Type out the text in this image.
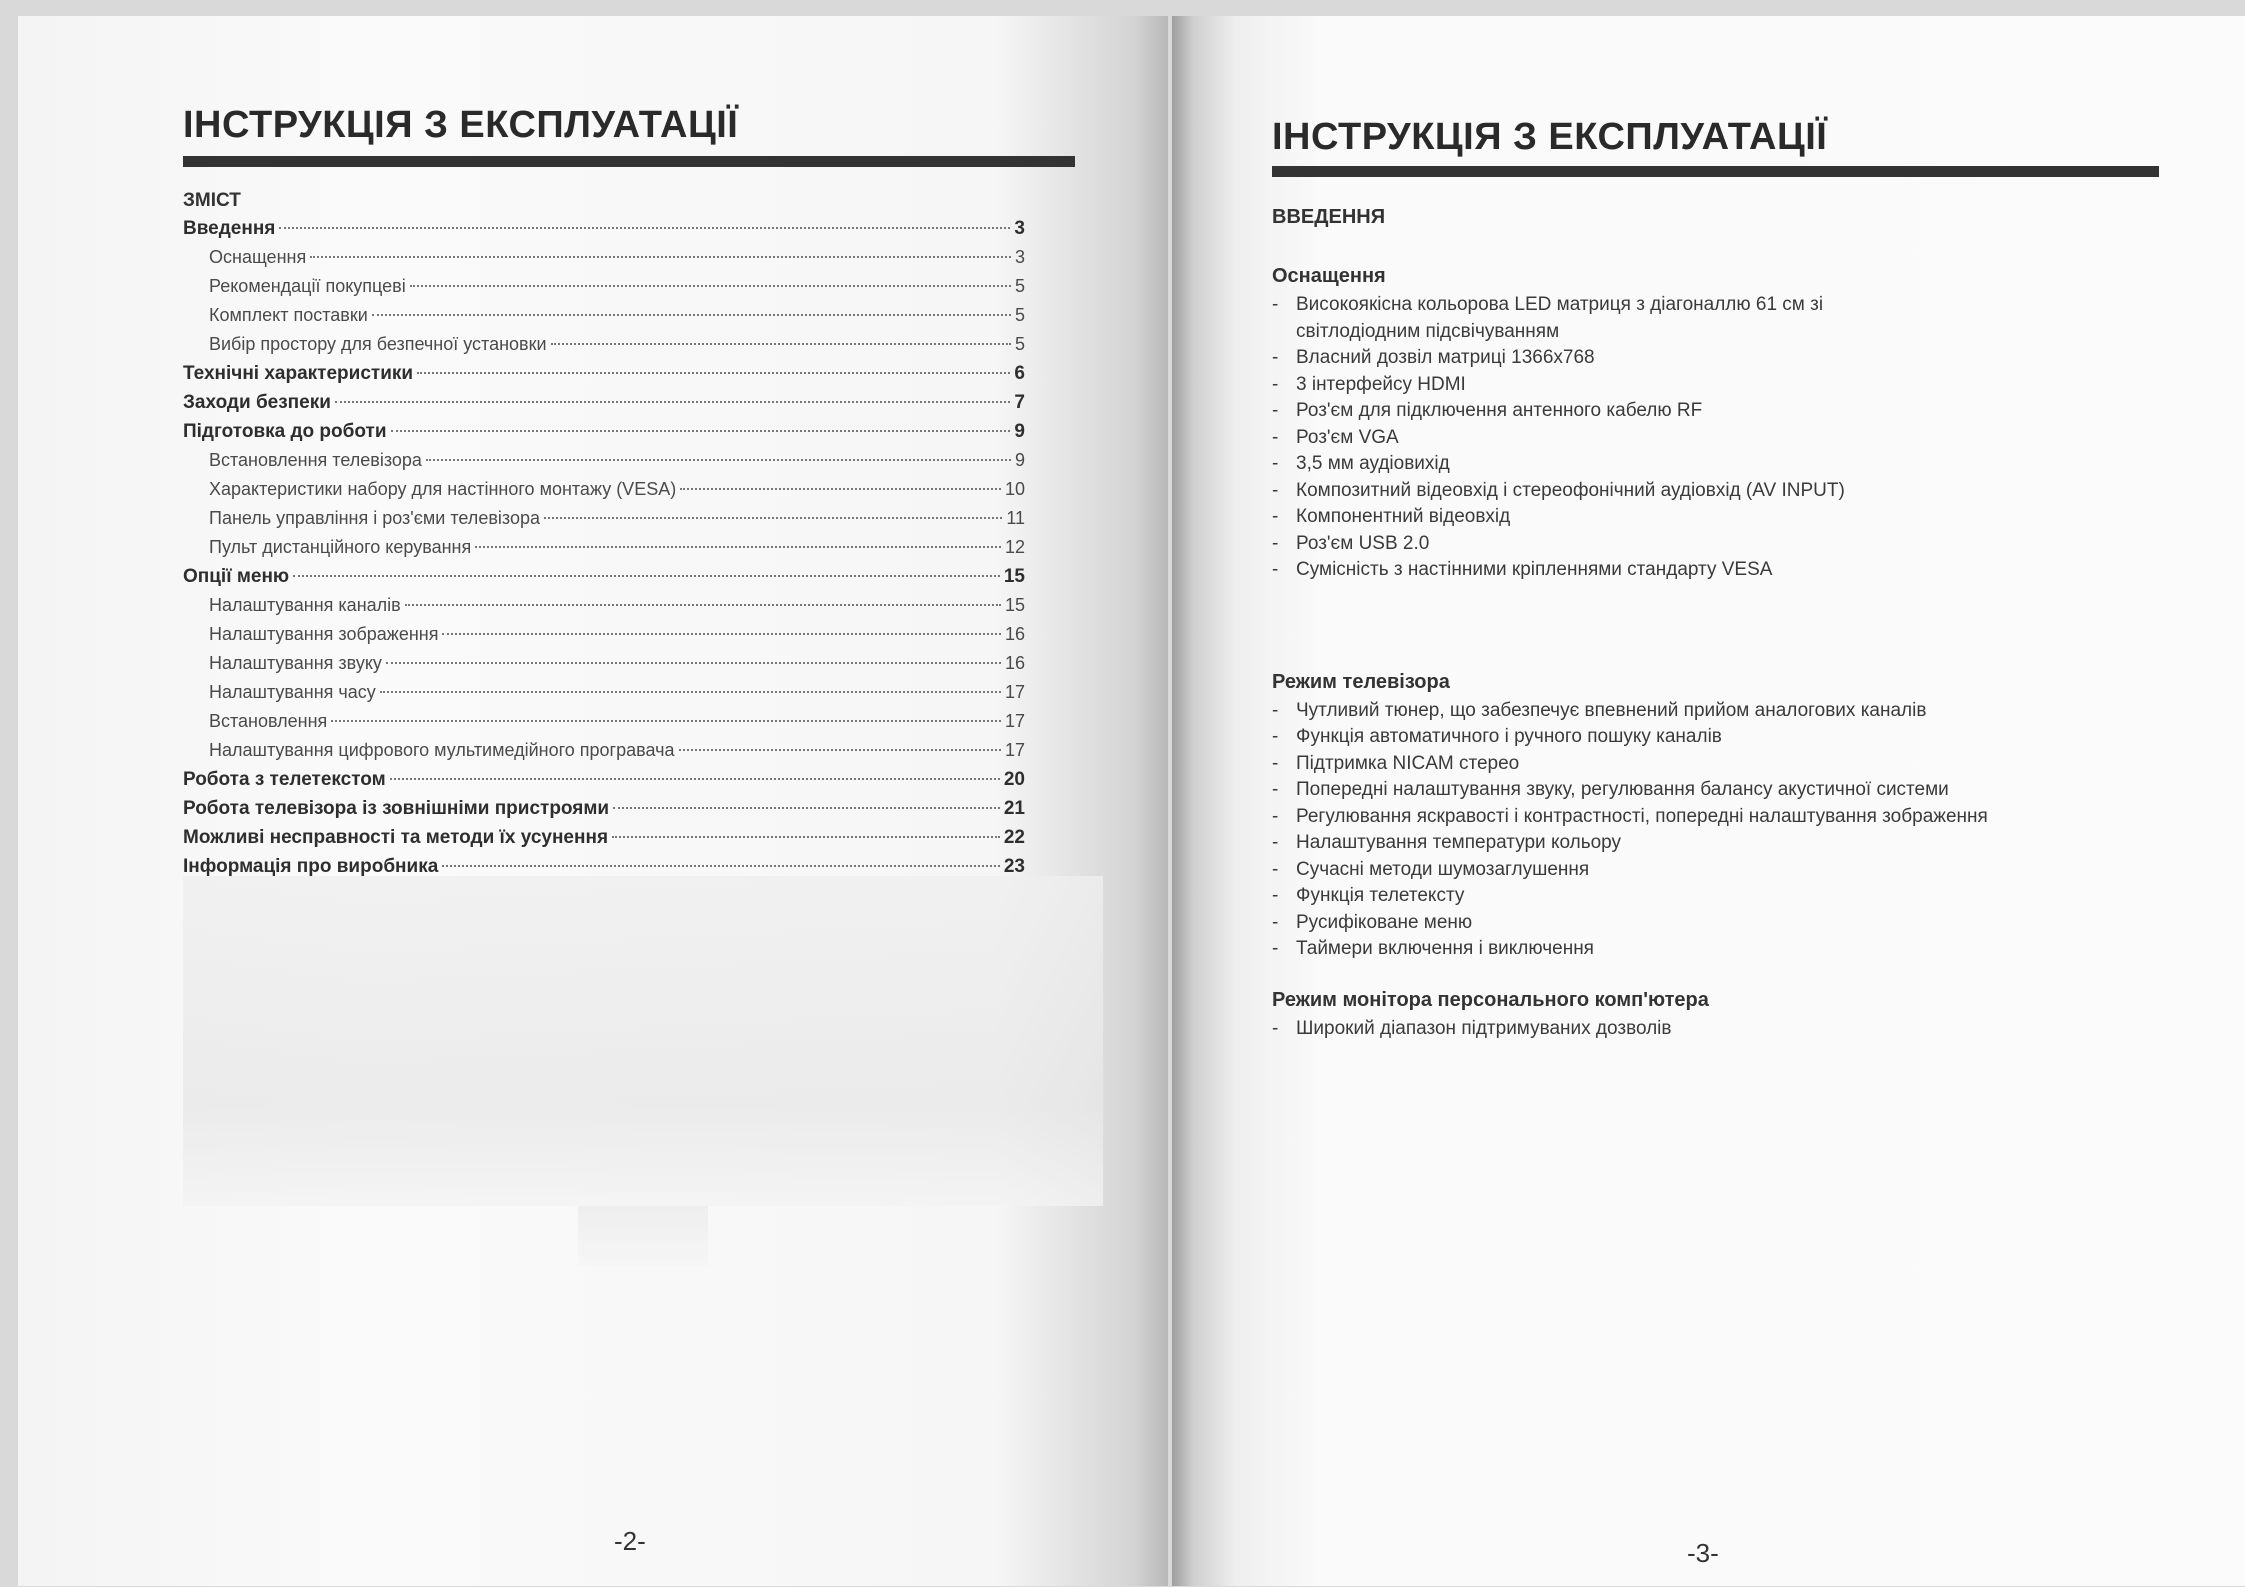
ІНСТРУКЦІЯ З ЕКСПЛУАТАЦІЇ
ЗМІСТ
Введення	3
Оснащення	3
Рекомендації покупцеві	5
Комплект поставки	5
Вибір простору для безпечної установки	5
Технічні характеристики	6
Заходи безпеки	7
Підготовка до роботи	9
Встановлення телевізора	9
Характеристики набору для настінного монтажу (VESA)	10
Панель управління і роз'єми телевізора	11
Пульт дистанційного керування	12
Опції меню	15
Налаштування каналів	15
Налаштування зображення	16
Налаштування звуку	16
Налаштування часу	17
Встановлення	17
Налаштування цифрового мультимедійного програвача	17
Робота з телетекстом	20
Робота телевізора із зовнішніми пристроями	21
Можливі несправності та методи їх усунення	22
Інформація про виробника	23
-2-
ІНСТРУКЦІЯ З ЕКСПЛУАТАЦІЇ
ВВЕДЕННЯ
Оснащення
- Високоякісна кольорова LED матриця з діагоналлю 61 см зі світлодіодним підсвічуванням
- Власний дозвіл матриці 1366x768
- 3 інтерфейсу HDMI
- Роз'єм для підключення антенного кабелю RF
- Роз'єм VGA
- 3,5 мм аудіовихід
- Композитний відеовхід і стереофонічний аудіовхід (AV INPUT)
- Компонентний відеовхід
- Роз'єм USB 2.0
- Сумісність з настінними кріпленнями стандарту VESA
Режим телевізора
- Чутливий тюнер, що забезпечує впевнений прийом аналогових каналів
- Функція автоматичного і ручного пошуку каналів
- Підтримка NICAM стерео
- Попередні налаштування звуку, регулювання балансу акустичної системи
- Регулювання яскравості і контрастності, попередні налаштування зображення
- Налаштування температури кольору
- Сучасні методи шумозаглушення
- Функція телетексту
- Русифіковане меню
- Таймери включення і виключення
Режим монітора персонального комп'ютера
- Широкий діапазон підтримуваних дозволів
-3-
